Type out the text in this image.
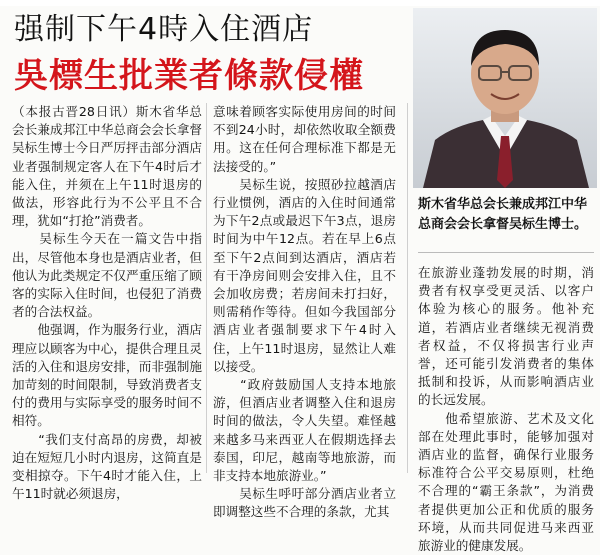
强制下午4時入住酒店
吳標生批業者條款侵權
（本报古晋28日讯）斯木省华总会长兼成邦江中华总商会会长拿督吴标生博士今日严厉抨击部分酒店业者强制规定客人在下午4时后才能入住，并须在上午11时退房的做法，形容此行为不公平且不合理，犹如“打抢”消费者。
　　吴标生今天在一篇文告中指出，尽管他本身也是酒店业者，但他认为此类规定不仅严重压缩了顾客的实际入住时间，也侵犯了消费者的合法权益。
　　他强调，作为服务行业，酒店理应以顾客为中心，提供合理且灵活的入住和退房安排，而非强制施加苛刻的时间限制，导致消费者支付的费用与实际享受的服务时间不相符。
　　“我们支付高昂的房费，却被迫在短短几小时内退房，这简直是变相掠夺。下午4时才能入住，上午11时就必须退房，
意味着顾客实际使用房间的时间不到24小时，却依然收取全额费用。这在任何合理标准下都是无法接受的。”
　　吴标生说，按照砂拉越酒店行业惯例，酒店的入住时间通常为下午2点或最迟下午3点，退房时间为中午12点。若在早上6点至下午2点间到达酒店，酒店若有干净房间则会安排入住，且不会加收房费；若房间未打扫好，则需稍作等待。但如今我国部分酒店业者强制要求下午4时入住，上午11时退房，显然让人难以接受。
　　“政府鼓励国人支持本地旅游，但酒店业者调整入住和退房时间的做法，令人失望。难怪越来越多马来西亚人在假期选择去泰国，印尼，越南等地旅游，而非支持本地旅游业。”
　　吴标生呼吁部分酒店业者立即调整这些不合理的条款，尤其
斯木省华总会长兼成邦江中华总商会会长拿督吴标生博士。
在旅游业蓬勃发展的时期，消费者有权享受更灵活、以客户体验为核心的服务。他补充道，若酒店业者继续无视消费者权益，不仅将损害行业声誉，还可能引发消费者的集体抵制和投诉，从而影响酒店业的长远发展。
　　他希望旅游、艺术及文化部在处理此事时，能够加强对酒店业的监督，确保行业服务标准符合公平交易原则，杜绝不合理的“霸王条款”，为消费者提供更加公正和优质的服务环境，从而共同促进马来西亚旅游业的健康发展。
